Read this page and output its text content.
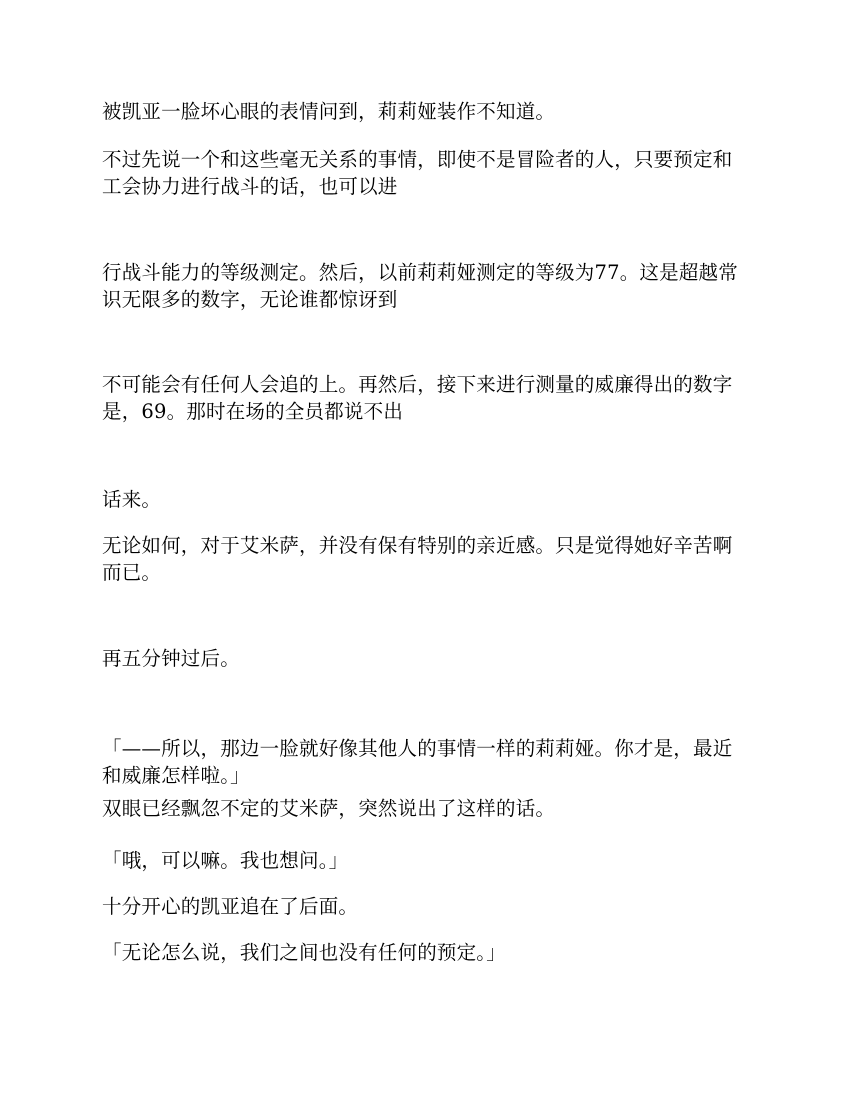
被凯亚一脸坏心眼的表情问到，莉莉娅装作不知道。

不过先说一个和这些毫无关系的事情，即使不是冒险者的人，只要预定和工会协力进行战斗的话，也可以进

行战斗能力的等级测定。然后，以前莉莉娅测定的等级为77。这是超越常识无限多的数字，无论谁都惊讶到

不可能会有任何人会追的上。再然后，接下来进行测量的威廉得出的数字是，69。那时在场的全员都说不出

话来。

无论如何，对于艾米萨，并没有保有特别的亲近感。只是觉得她好辛苦啊而已。

再五分钟过后。

「——所以，那边一脸就好像其他人的事情一样的莉莉娅。你才是，最近和威廉怎样啦。」

双眼已经飘忽不定的艾米萨，突然说出了这样的话。

「哦，可以嘛。我也想问。」

十分开心的凯亚追在了后面。

「无论怎么说，我们之间也没有任何的预定。」
